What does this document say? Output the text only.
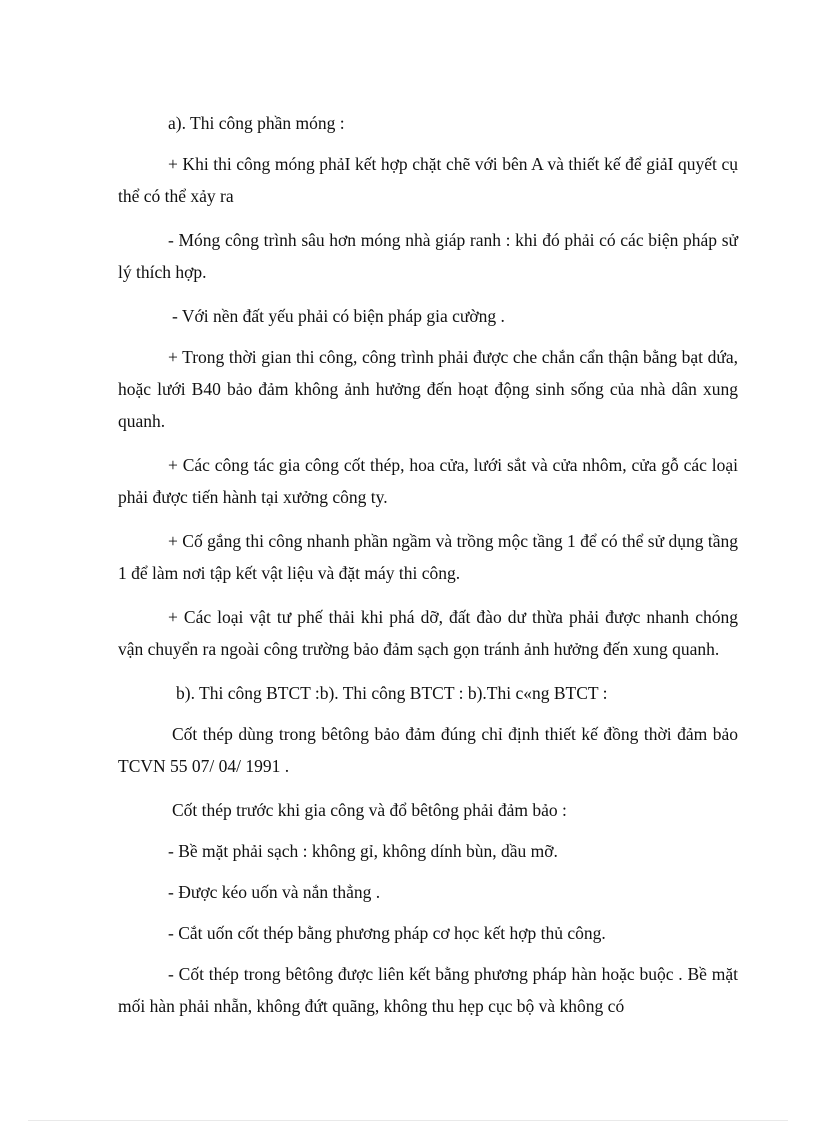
a). Thi công phần móng :

+ Khi thi công móng phảI kết hợp chặt chẽ với bên A và thiết kế để giảI quyết cụ thể có thể xảy ra

- Móng công trình sâu hơn móng nhà giáp ranh : khi đó phải có các biện pháp sử lý thích hợp.

- Với nền đất yếu phải có biện pháp gia cường .

+ Trong thời gian thi công, công trình phải được che chắn cẩn thận bằng bạt dứa, hoặc lưới B40 bảo đảm không ảnh hưởng đến hoạt động sinh sống của nhà dân xung quanh.

+ Các công tác gia công cốt thép, hoa cửa, lưới sắt và cửa nhôm, cửa gỗ các loại phải được tiến hành tại xưởng công ty.

+ Cố gắng thi công nhanh phần ngầm và trồng mộc tầng 1 để có thể sử dụng tầng 1 để làm nơi tập kết vật liệu và đặt máy thi công.

+ Các loại vật tư phế thải khi phá dỡ, đất đào dư thừa phải được nhanh chóng vận chuyển ra ngoài công trường bảo đảm sạch gọn tránh ảnh hưởng đến xung quanh.

b). Thi công BTCT :b). Thi công BTCT : b).Thi c«ng BTCT :

Cốt thép dùng trong bêtông bảo đảm đúng chỉ định thiết kế đồng thời đảm bảo TCVN 55 07/ 04/ 1991 .

Cốt thép trước khi gia công và đổ bêtông phải đảm bảo :

- Bề mặt phải sạch : không gỉ, không dính bùn, dầu mỡ.

- Được kéo uốn và nắn thẳng .

- Cắt uốn cốt thép bằng phương pháp cơ học kết hợp thủ công.

- Cốt thép trong bêtông được liên kết bằng phương pháp hàn hoặc buộc . Bề mặt mối hàn phải nhẵn, không đứt quãng, không thu hẹp cục bộ và không có
